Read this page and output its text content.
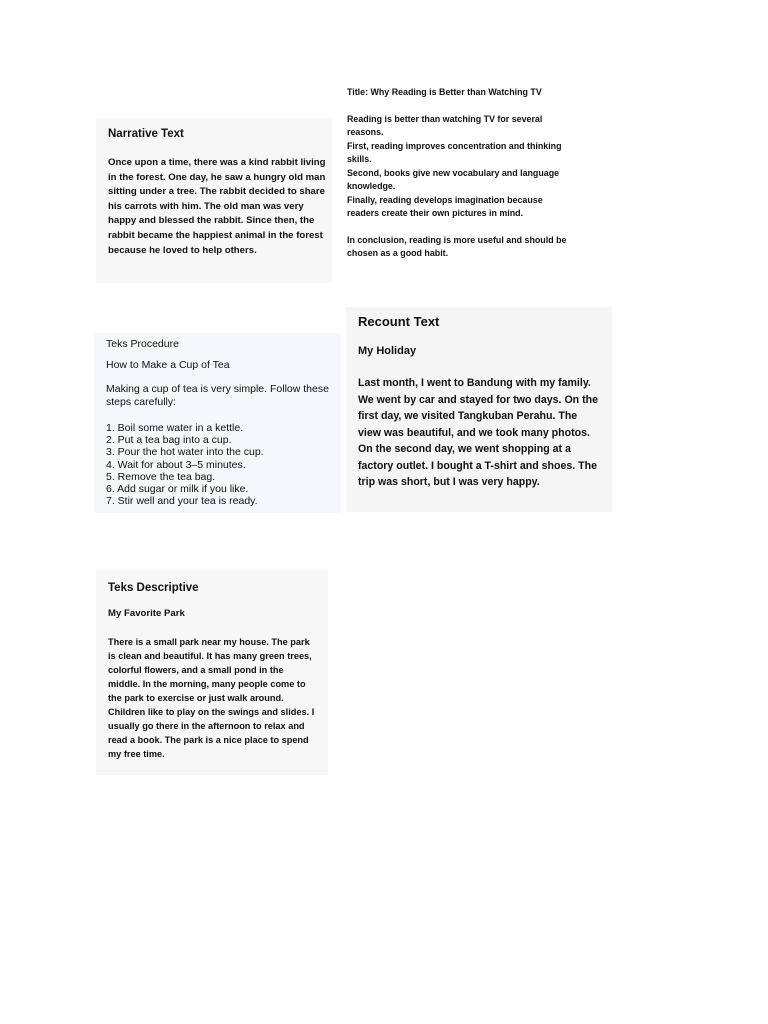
Narrative Text

Once upon a time, there was a kind rabbit living in the forest. One day, he saw a hungry old man sitting under a tree. The rabbit decided to share his carrots with him. The old man was very happy and blessed the rabbit. Since then, the rabbit became the happiest animal in the forest because he loved to help others.

Title: Why Reading is Better than Watching TV

Reading is better than watching TV for several reasons.

First, reading improves concentration and thinking skills.

Second, books give new vocabulary and language knowledge.

Finally, reading develops imagination because readers create their own pictures in mind.

In conclusion, reading is more useful and should be chosen as a good habit.

Teks Procedure

How to Make a Cup of Tea

Making a cup of tea is very simple. Follow these steps carefully:

1. Boil some water in a kettle.
2. Put a tea bag into a cup.
3. Pour the hot water into the cup.
4. Wait for about 3–5 minutes.
5. Remove the tea bag.
6. Add sugar or milk if you like.
7. Stir well and your tea is ready.

Recount Text

My Holiday

Last month, I went to Bandung with my family. We went by car and stayed for two days. On the first day, we visited Tangkuban Perahu. The view was beautiful, and we took many photos. On the second day, we went shopping at a factory outlet. I bought a T-shirt and shoes. The trip was short, but I was very happy.

Teks Descriptive

My Favorite Park

There is a small park near my house. The park is clean and beautiful. It has many green trees, colorful flowers, and a small pond in the middle. In the morning, many people come to the park to exercise or just walk around. Children like to play on the swings and slides. I usually go there in the afternoon to relax and read a book. The park is a nice place to spend my free time.
